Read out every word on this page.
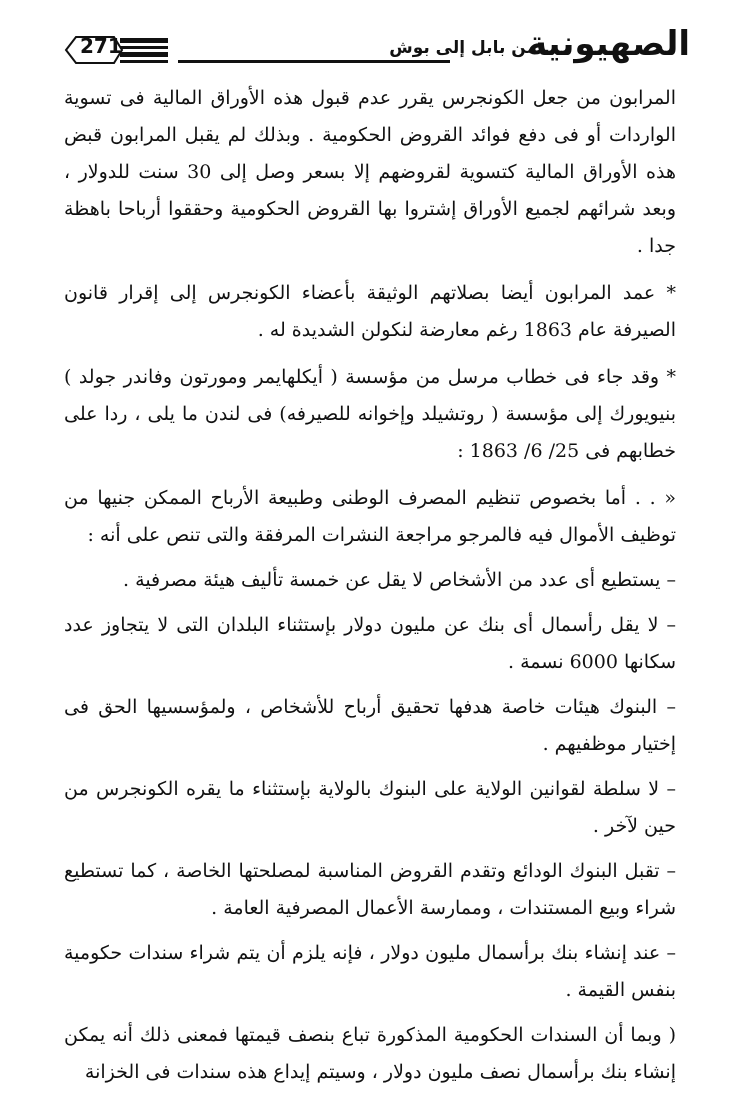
271	..من بابل إلى بوش
الصهيونية

المرابون من جعل الكونجرس يقرر عدم قبول هذه الأوراق المالية فى تسوية الواردات أو فى دفع فوائد القروض الحكومية . وبذلك لم يقبل المرابون قبض هذه الأوراق المالية كتسوية لقروضهم إلا بسعر وصل إلى 30 سنت للدولار ، وبعد شرائهم لجميع الأوراق إشتروا بها القروض الحكومية وحققوا أرباحا باهظة جدا .

* عمد المرابون أيضا بصلاتهم الوثيقة بأعضاء الكونجرس إلى إقرار قانون الصيرفة عام 1863 رغم معارضة لنكولن الشديدة له .

* وقد جاء فى خطاب مرسل من مؤسسة ( أيكلهايمر ومورتون وفاندر جولد ) بنيويورك إلى مؤسسة ( روتشيلد وإخوانه للصيرفه) فى لندن ما يلى ، ردا على خطابهم فى 25/ 6/ 1863 :

« . . أما بخصوص تنظيم المصرف الوطنى وطبيعة الأرباح الممكن جنيها من توظيف الأموال فيه فالمرجو مراجعة النشرات المرفقة والتى تنص على أنه :

– يستطيع أى عدد من الأشخاص لا يقل عن خمسة تأليف هيئة مصرفية .

– لا يقل رأسمال أى بنك عن مليون دولار بإستثناء البلدان التى لا يتجاوز عدد سكانها 6000 نسمة .

– البنوك هيئات خاصة هدفها تحقيق أرباح للأشخاص ، ولمؤسسيها الحق فى إختيار موظفيهم .

– لا سلطة لقوانين الولاية على البنوك بالولاية بإستثناء ما يقره الكونجرس من حين لآخر .

– تقبل البنوك الودائع وتقدم القروض المناسبة لمصلحتها الخاصة ، كما تستطيع شراء وبيع المستندات ، وممارسة الأعمال المصرفية العامة .

– عند إنشاء بنك برأسمال مليون دولار ، فإنه يلزم أن يتم شراء سندات حكومية بنفس القيمة .

( وبما أن السندات الحكومية المذكورة تباع بنصف قيمتها فمعنى ذلك أنه يمكن إنشاء بنك برأسمال نصف مليون دولار ، وسيتم إيداع هذه سندات فى الخزانة
